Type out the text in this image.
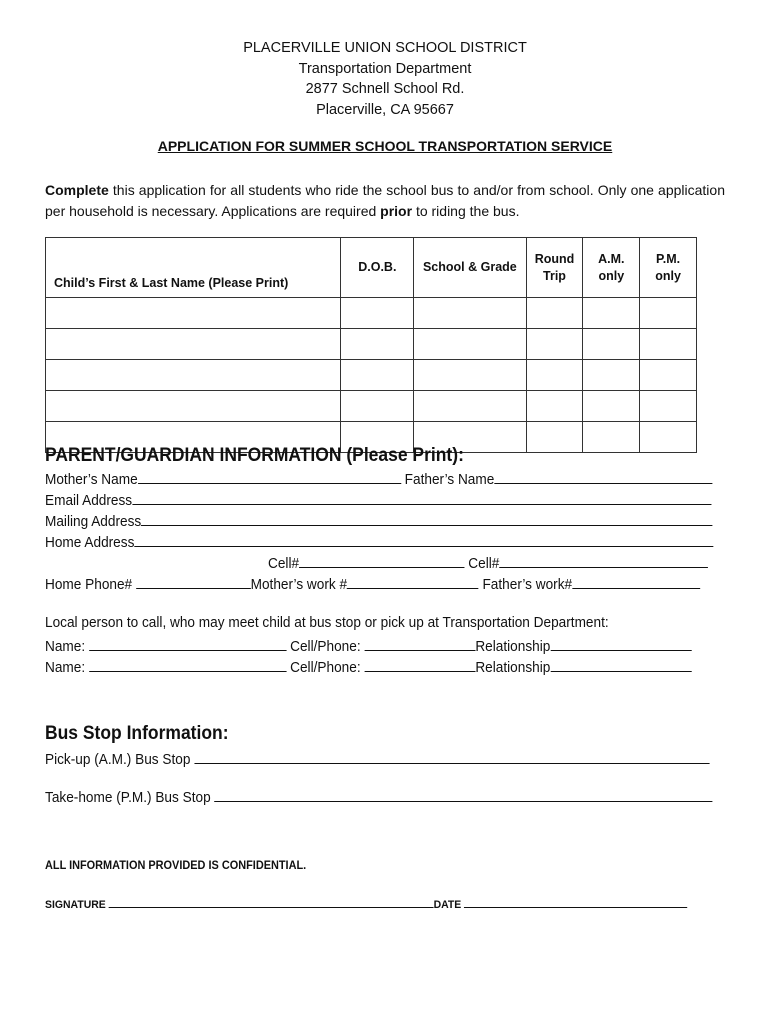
PLACERVILLE UNION SCHOOL DISTRICT
Transportation Department
2877 Schnell School Rd.
Placerville, CA 95667
APPLICATION FOR SUMMER SCHOOL TRANSPORTATION SERVICE
Complete this application for all students who ride the school bus to and/or from school. Only one application per household is necessary. Applications are required prior to riding the bus.
Child’s First & Last Name (Please Print)	D.O.B.	School & Grade	Round Trip	A.M. only	P.M. only

PARENT/GUARDIAN INFORMATION (Please Print):
Mother’s Name	Father’s Name
Email Address
Mailing Address
Home Address
Cell#	Cell#
Home Phone#	Mother’s work #	Father’s work#
Local person to call, who may meet child at bus stop or pick up at Transportation Department:
Name:	Cell/Phone:	Relationship
Name:	Cell/Phone:	Relationship
Bus Stop Information:
Pick-up (A.M.) Bus Stop
Take-home (P.M.) Bus Stop
ALL INFORMATION PROVIDED IS CONFIDENTIAL.
SIGNATURE	DATE
